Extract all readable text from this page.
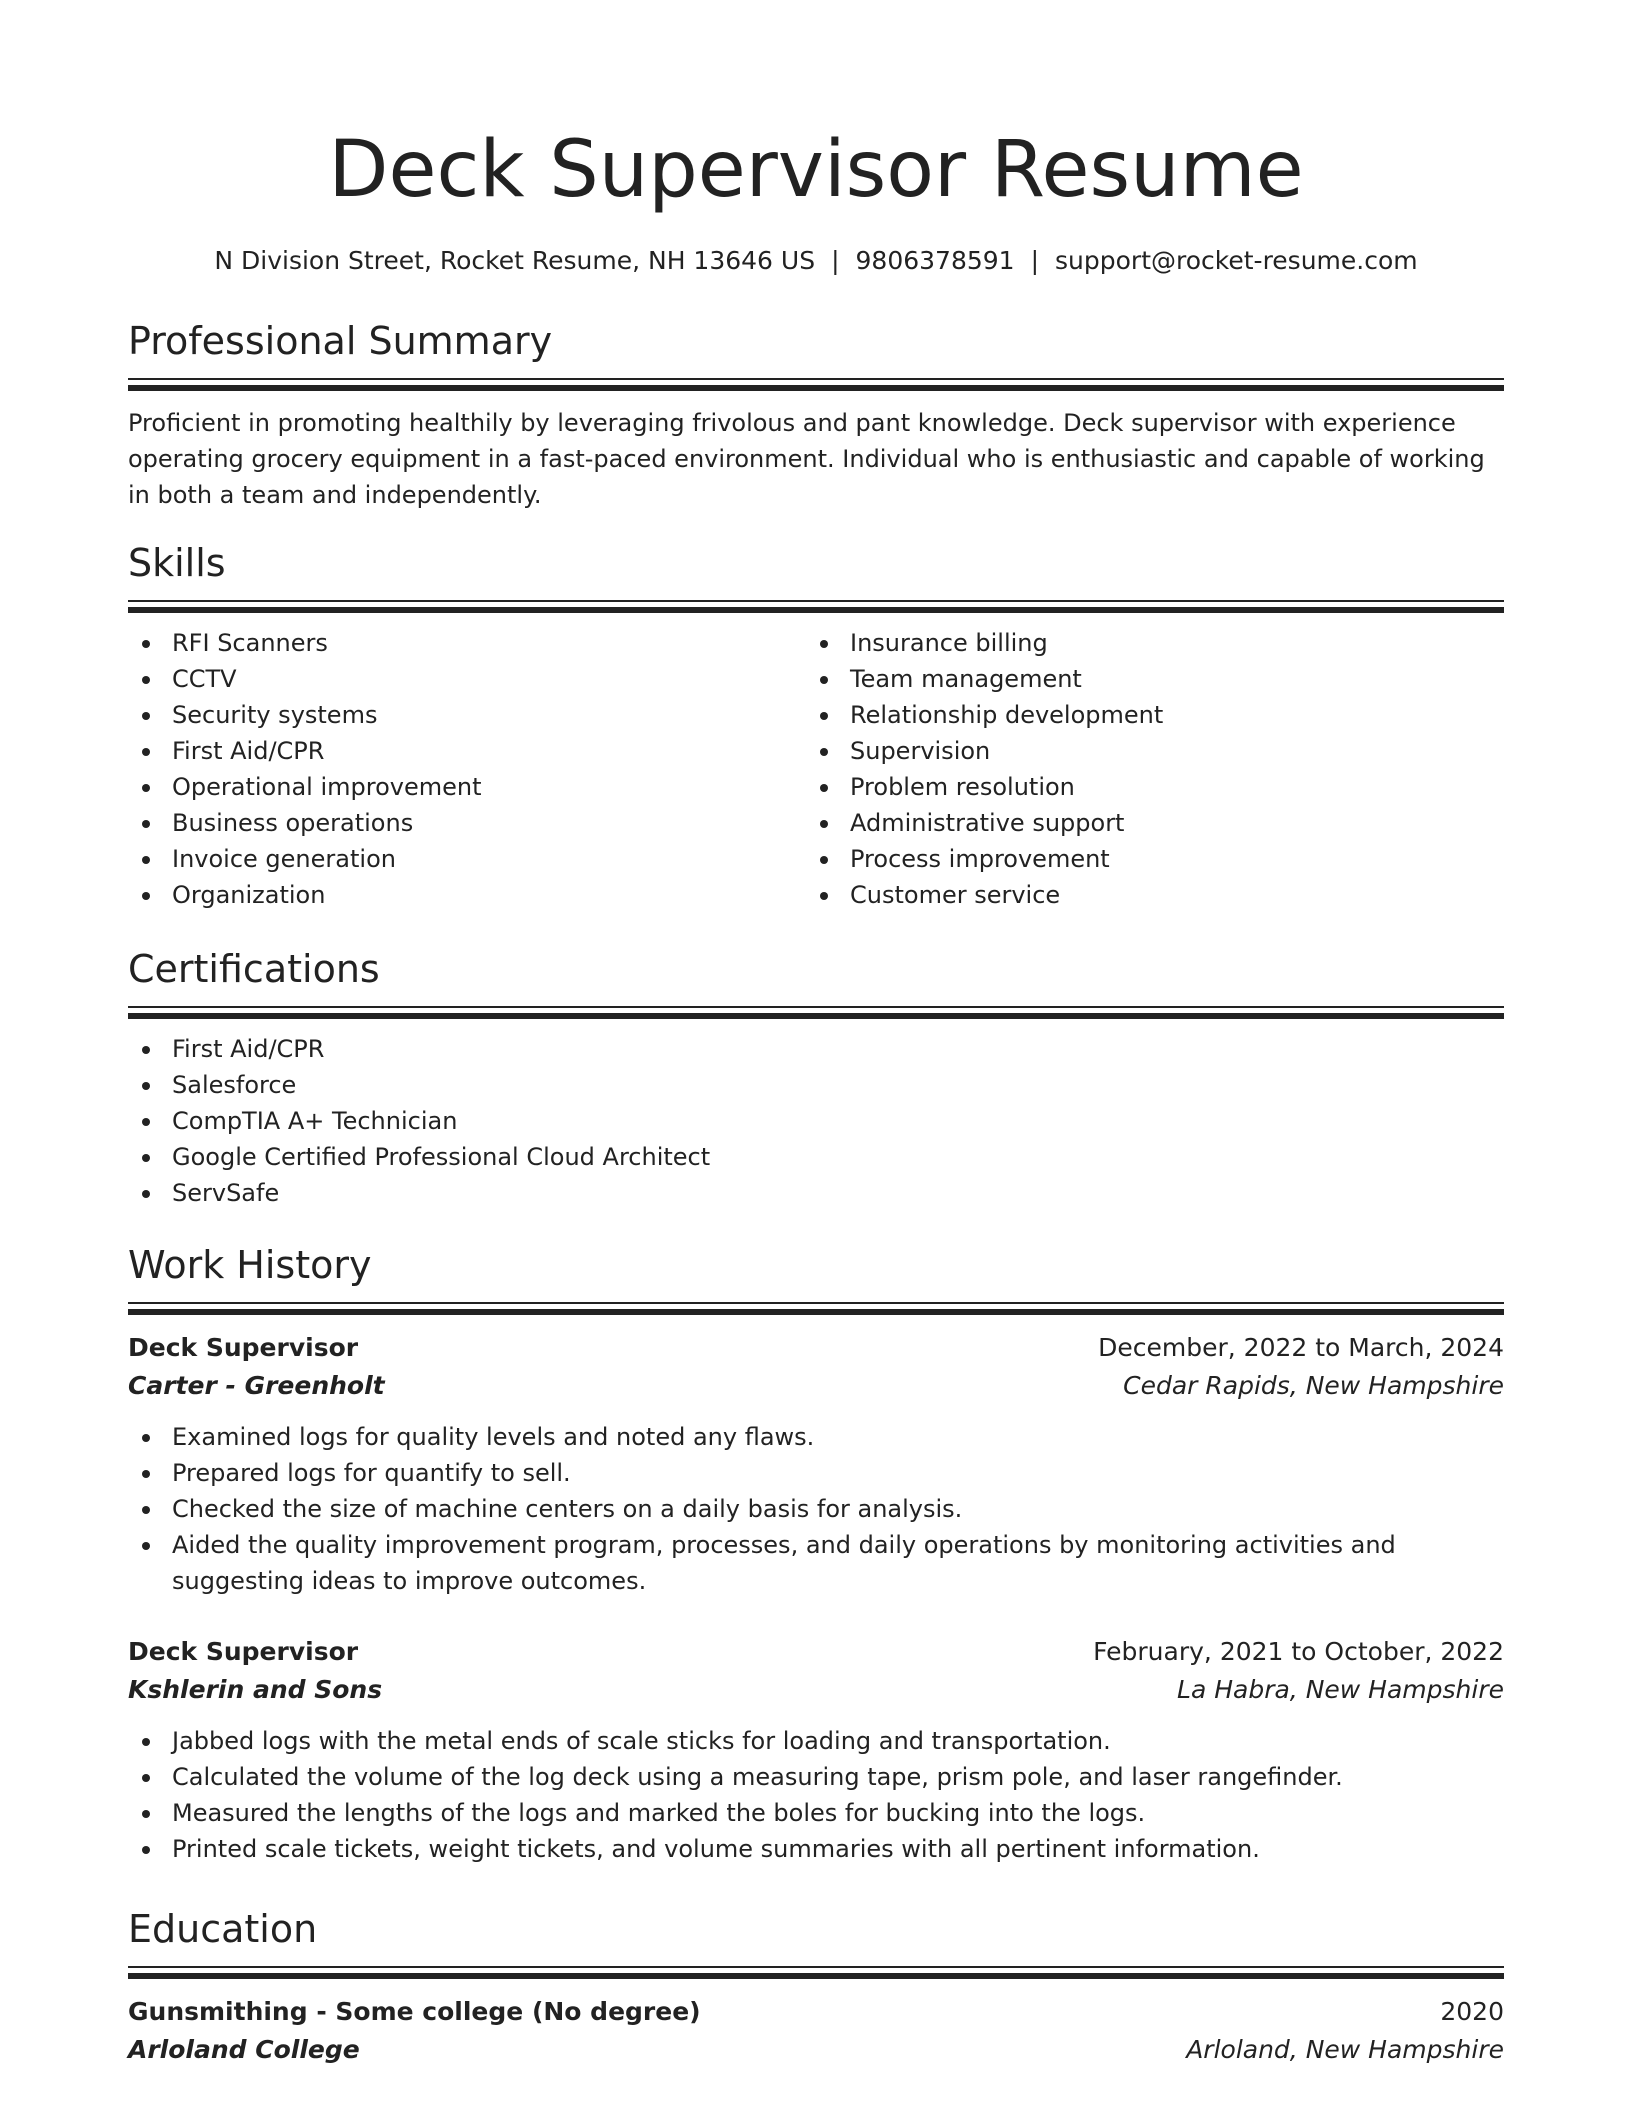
Deck Supervisor Resume
N Division Street, Rocket Resume, NH 13646 US | 9806378591 | support@rocket-resume.com
Professional Summary
Proficient in promoting healthily by leveraging frivolous and pant knowledge. Deck supervisor with experience operating grocery equipment in a fast-paced environment. Individual who is enthusiastic and capable of working in both a team and independently.
Skills
RFI Scanners
CCTV
Security systems
First Aid/CPR
Operational improvement
Business operations
Invoice generation
Organization
Insurance billing
Team management
Relationship development
Supervision
Problem resolution
Administrative support
Process improvement
Customer service
Certifications
First Aid/CPR
Salesforce
CompTIA A+ Technician
Google Certified Professional Cloud Architect
ServSafe
Work History
Deck Supervisor	December, 2022 to March, 2024
Carter - Greenholt	Cedar Rapids, New Hampshire
Examined logs for quality levels and noted any flaws.
Prepared logs for quantify to sell.
Checked the size of machine centers on a daily basis for analysis.
Aided the quality improvement program, processes, and daily operations by monitoring activities and suggesting ideas to improve outcomes.
Deck Supervisor	February, 2021 to October, 2022
Kshlerin and Sons	La Habra, New Hampshire
Jabbed logs with the metal ends of scale sticks for loading and transportation.
Calculated the volume of the log deck using a measuring tape, prism pole, and laser rangefinder.
Measured the lengths of the logs and marked the boles for bucking into the logs.
Printed scale tickets, weight tickets, and volume summaries with all pertinent information.
Education
Gunsmithing - Some college (No degree)	2020
Arloland College	Arloland, New Hampshire
